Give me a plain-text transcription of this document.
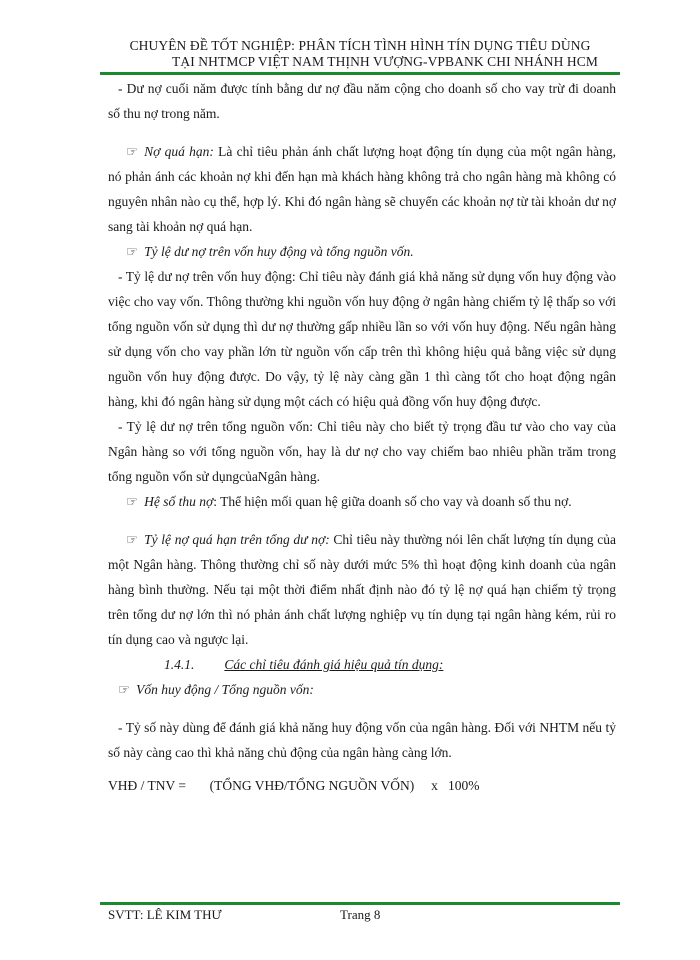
CHUYÊN ĐỀ TỐT NGHIỆP: PHÂN TÍCH TÌNH HÌNH TÍN DỤNG TIÊU DÙNG
TẠI NHTMCP VIỆT NAM THỊNH VƯỢNG-VPBANK CHI NHÁNH HCM

- Dư nợ cuối năm được tính bằng dư nợ đầu năm cộng cho doanh số cho vay trừ đi doanh số thu nợ trong năm.

☞ Nợ quá hạn: Là chỉ tiêu phản ánh chất lượng hoạt động tín dụng của một ngân hàng, nó phản ánh các khoản nợ khi đến hạn mà khách hàng không trả cho ngân hàng mà không có nguyên nhân nào cụ thể, hợp lý. Khi đó ngân hàng sẽ chuyển các khoản nợ từ tài khoản dư nợ sang tài khoản nợ quá hạn.

☞ Tỷ lệ dư nợ trên vốn huy động và tổng nguồn vốn.

- Tỷ lệ dư nợ trên vốn huy động: Chỉ tiêu này đánh giá khả năng sử dụng vốn huy động vào việc cho vay vốn. Thông thường khi nguồn vốn huy động ở ngân hàng chiếm tỷ lệ thấp so với tổng nguồn vốn sử dụng thì dư nợ thường gấp nhiều lần so với vốn huy động. Nếu ngân hàng sử dụng vốn cho vay phần lớn từ nguồn vốn cấp trên thì không hiệu quả bằng việc sử dụng nguồn vốn huy động được. Do vậy, tỷ lệ này càng gần 1 thì càng tốt cho hoạt động ngân hàng, khi đó ngân hàng sử dụng một cách có hiệu quả đồng vốn huy động được.

- Tỷ lệ dư nợ trên tổng nguồn vốn: Chỉ tiêu này cho biết tỷ trọng đầu tư vào cho vay của Ngân hàng so với tổng nguồn vốn, hay là dư nợ cho vay chiếm bao nhiêu phần trăm trong tổng nguồn vốn sử dụngcủaNgân hàng.

☞ Hệ số thu nợ: Thể hiện mối quan hệ giữa doanh số cho vay và doanh số thu nợ.

☞ Tỷ lệ nợ quá hạn trên tổng dư nợ: Chỉ tiêu này thường nói lên chất lượng tín dụng của một Ngân hàng. Thông thường chỉ số này dưới mức 5% thì hoạt động kinh doanh của ngân hàng bình thường. Nếu tại một thời điểm nhất định nào đó tỷ lệ nợ quá hạn chiếm tỷ trọng trên tổng dư nợ lớn thì nó phản ánh chất lượng nghiệp vụ tín dụng tại ngân hàng kém, rủi ro tín dụng cao và ngược lại.

1.4.1. Các chỉ tiêu đánh giá hiệu quả tín dụng:

☞ Vốn huy động / Tổng nguồn vốn:

- Tỷ số này dùng để đánh giá khả năng huy động vốn của ngân hàng. Đối với NHTM nếu tỷ số này càng cao thì khả năng chủ động của ngân hàng càng lớn.

VHĐ / TNV =       (TỔNG VHĐ/TỔNG NGUỒN VỐN)     x   100%
SVTT: LÊ KIM THƯ	Trang 8
